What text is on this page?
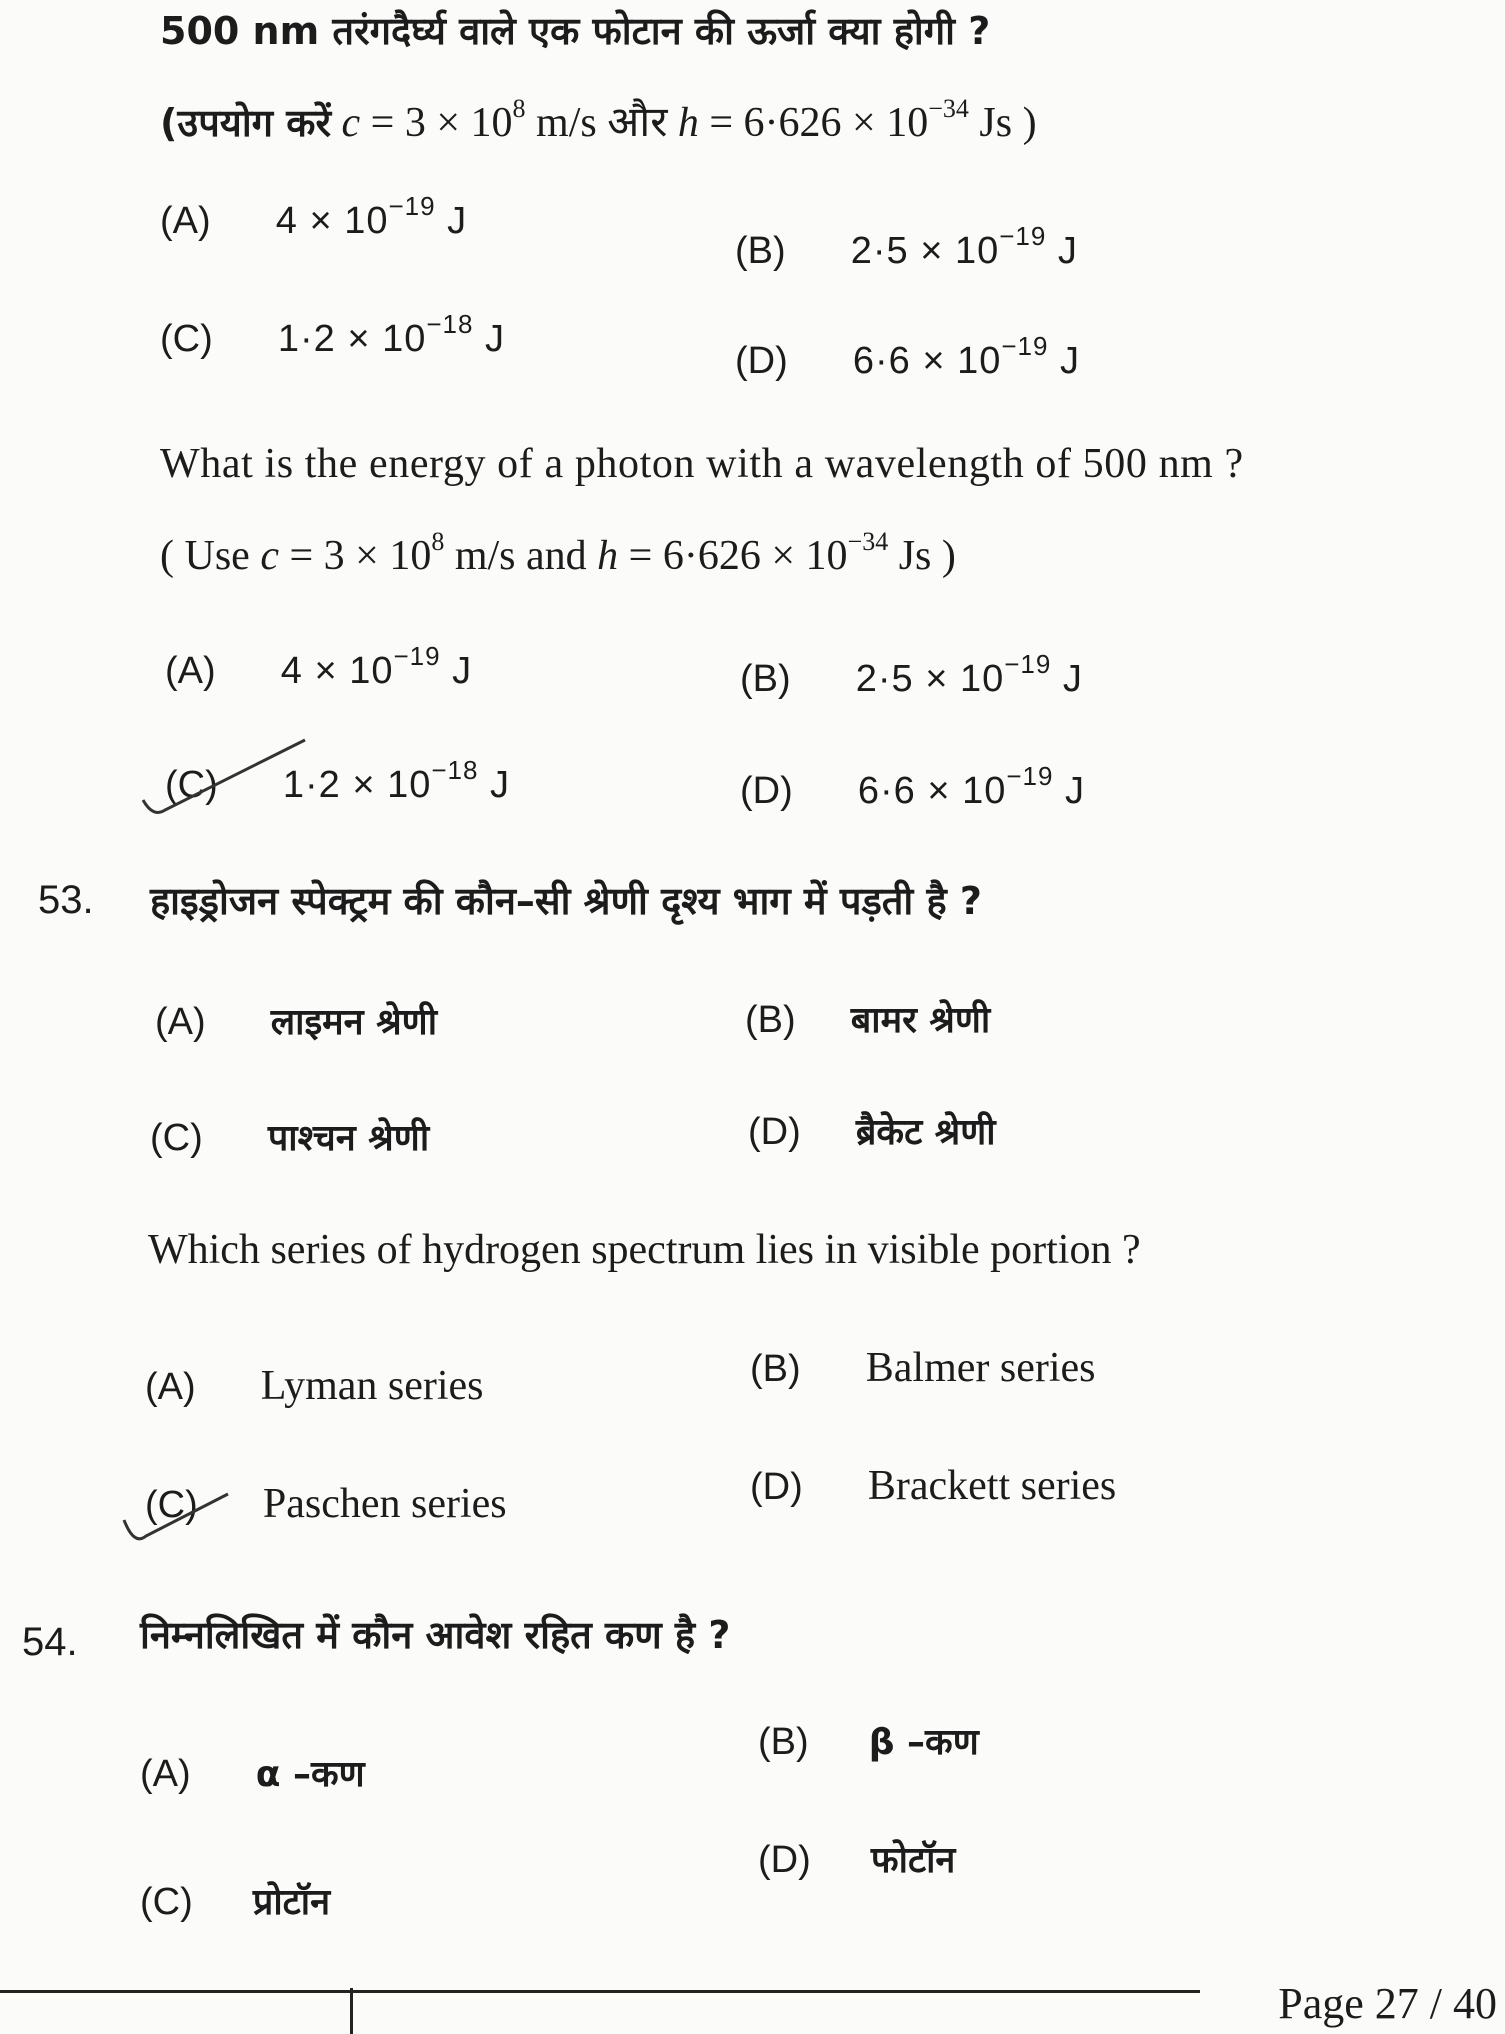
500 nm तरंगदैर्घ्य वाले एक फोटान की ऊर्जा क्या होगी ?
(उपयोग करें $c = 3 \times 10^8$ m/s और $h = 6\cdot 626 \times 10^{-34}$ Js )
(A) $4 \times 10^{-19}$ J
(B) $2\cdot 5 \times 10^{-19}$ J
(C) $1\cdot 2 \times 10^{-18}$ J
(D) $6\cdot 6 \times 10^{-19}$ J
What is the energy of a photon with a wavelength of 500 nm ?
( Use $c = 3 \times 10^8$ m/s and $h = 6\cdot 626 \times 10^{-34}$ Js )
(A) $4 \times 10^{-19}$ J	(B) $2\cdot 5 \times 10^{-19}$ J
(C) $1\cdot 2 \times 10^{-18}$ J	(D) $6\cdot 6 \times 10^{-19}$ J
53. हाइड्रोजन स्पेक्ट्रम की कौन–सी श्रेणी दृश्य भाग में पड़ती है ?
(A) लाइमन श्रेणी	(B) बामर श्रेणी
(C) पाश्चन श्रेणी	(D) ब्रैकेट श्रेणी
Which series of hydrogen spectrum lies in visible portion ?
(A) Lyman series	(B) Balmer series
(C) Paschen series	(D) Brackett series
54. निम्नलिखित में कौन आवेश रहित कण है ?
(A) α –कण
(B) β –कण
(C) प्रोटॉन
(D) फोटॉन
Page 27 / 40
